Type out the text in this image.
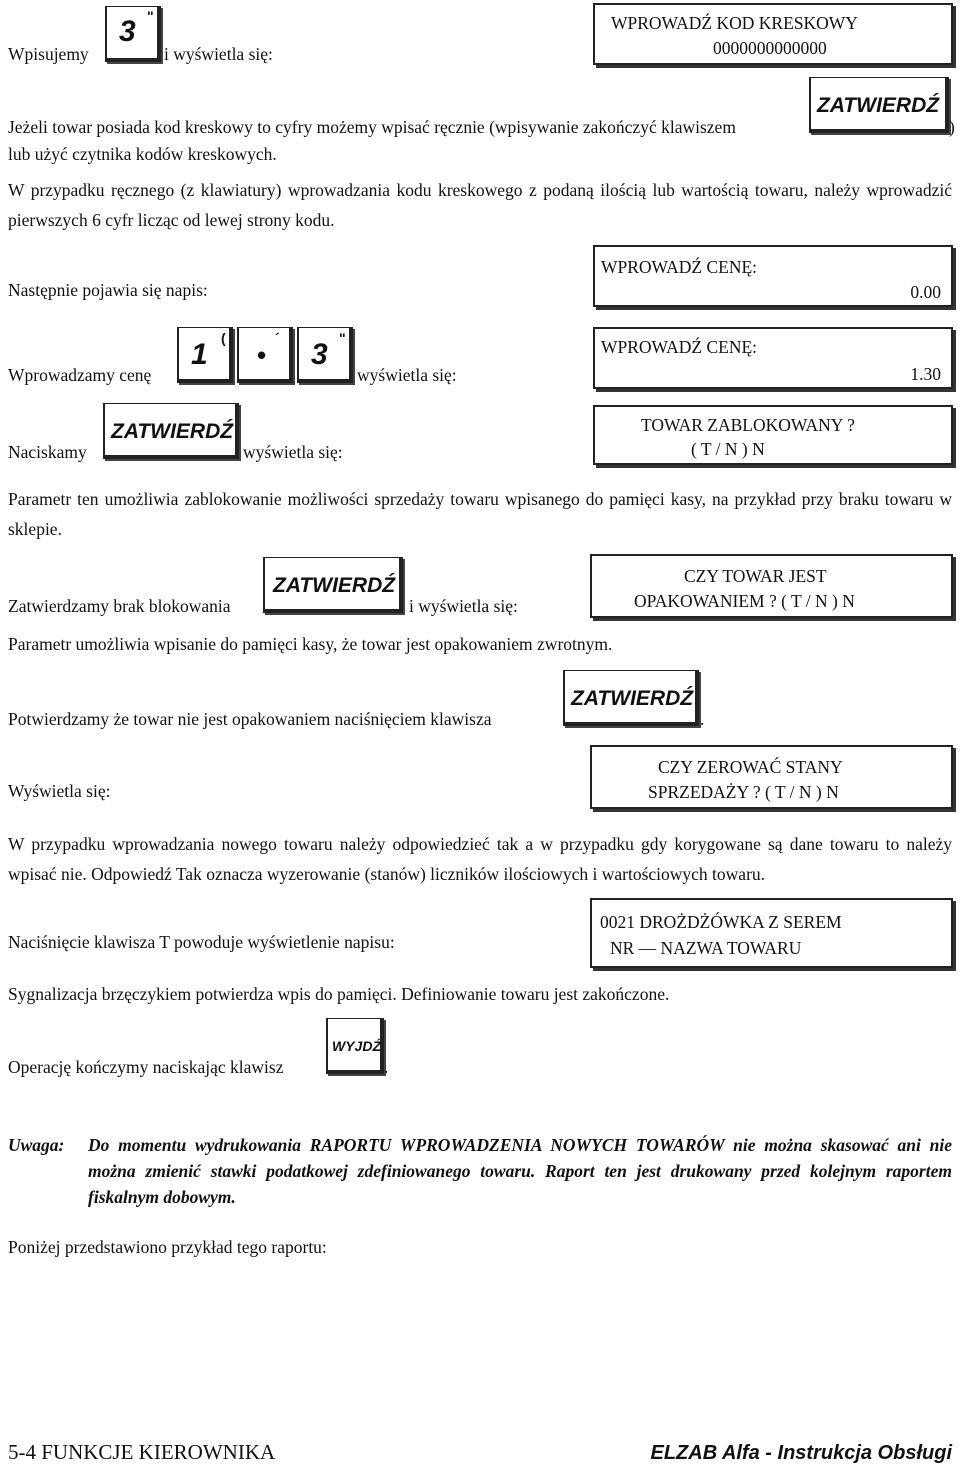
Wpisujemy
3 "
i wyświetla się:
WPROWADŹ KOD KRESKOWY
0000000000000
Jeżeli towar posiada kod kreskowy to cyfry możemy wpisać ręcznie (wpisywanie zakończyć klawiszem
ZATWIERDŹ
)
lub użyć czytnika kodów kreskowych.
W przypadku ręcznego (z klawiatury) wprowadzania kodu kreskowego z podaną ilością lub wartością towaru, należy wprowadzić pierwszych 6 cyfr licząc od lewej strony kodu.
Następnie pojawia się napis:
WPROWADŹ CENĘ:
0.00
Wprowadzamy cenę
1 (
•
´ 3 "
wyświetla się:
WPROWADŹ CENĘ:
1.30
Naciskamy
ZATWIERDŹ
wyświetla się:
TOWAR ZABLOKOWANY ?
( T / N ) N
Parametr ten umożliwia zablokowanie możliwości sprzedaży towaru wpisanego do pamięci kasy, na przykład przy braku towaru w sklepie.
Zatwierdzamy brak blokowania
ZATWIERDŹ
i wyświetla się:
CZY TOWAR JEST
OPAKOWANIEM ? ( T / N ) N
Parametr umożliwia wpisanie do pamięci kasy, że towar jest opakowaniem zwrotnym.
Potwierdzamy że towar nie jest opakowaniem naciśnięciem klawisza
ZATWIERDŹ
.
Wyświetla się:
CZY ZEROWAĆ STANY
SPRZEDAŻY ? ( T / N ) N
W przypadku wprowadzania nowego towaru należy odpowiedzieć tak a w przypadku gdy korygowane są dane towaru to należy wpisać nie. Odpowiedź Tak oznacza wyzerowanie (stanów) liczników ilościowych i wartościowych towaru.
Naciśnięcie klawisza T powoduje wyświetlenie napisu:
0021 DROŻDŻÓWKA Z SEREM
NR — NAZWA TOWARU
Sygnalizacja brzęczykiem potwierdza wpis do pamięci. Definiowanie towaru jest zakończone.
Operację kończymy naciskając klawisz
WYJDŹ
.
Uwaga: Do momentu wydrukowania RAPORTU WPROWADZENIA NOWYCH TOWARÓW nie można skasować ani nie można zmienić stawki podatkowej zdefiniowanego towaru. Raport ten jest drukowany przed kolejnym raportem fiskalnym dobowym.
Poniżej przedstawiono przykład tego raportu:
5-4 FUNKCJE KIEROWNIKA	ELZAB Alfa - Instrukcja Obsługi
